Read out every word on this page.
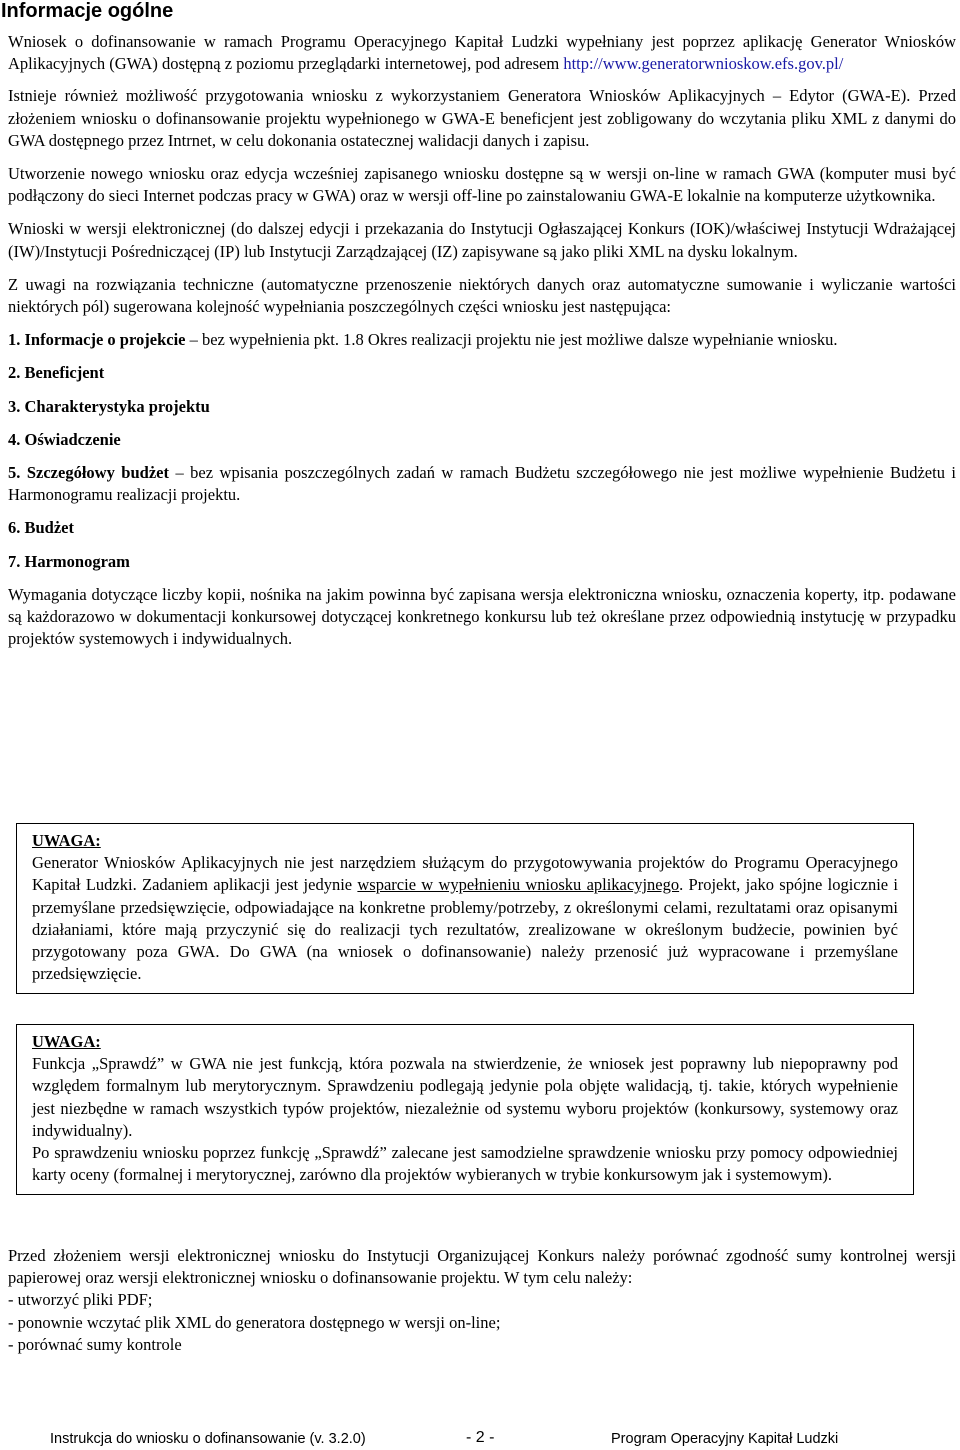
Informacje ogólne

Wniosek o dofinansowanie w ramach Programu Operacyjnego Kapitał Ludzki wypełniany jest poprzez aplikację Generator Wniosków Aplikacyjnych (GWA) dostępną z poziomu przeglądarki internetowej, pod adresem http://www.generatorwnioskow.efs.gov.pl/

Istnieje również możliwość przygotowania wniosku z wykorzystaniem Generatora Wniosków Aplikacyjnych – Edytor (GWA-E). Przed złożeniem wniosku o dofinansowanie projektu wypełnionego w GWA-E beneficjent jest zobligowany do wczytania pliku XML z danymi do GWA dostępnego przez Intrnet, w celu dokonania ostatecznej walidacji danych i zapisu.

Utworzenie nowego wniosku oraz edycja wcześniej zapisanego wniosku dostępne są w wersji on-line w ramach GWA (komputer musi być podłączony do sieci Internet podczas pracy w GWA) oraz w wersji off-line po zainstalowaniu GWA-E lokalnie na komputerze użytkownika.

Wnioski w wersji elektronicznej (do dalszej edycji i przekazania do Instytucji Ogłaszającej Konkurs (IOK)/właściwej Instytucji Wdrażającej (IW)/Instytucji Pośredniczącej (IP) lub Instytucji Zarządzającej (IZ) zapisywane są jako pliki XML na dysku lokalnym.

Z uwagi na rozwiązania techniczne (automatyczne przenoszenie niektórych danych oraz automatyczne sumowanie i wyliczanie wartości niektórych pól) sugerowana kolejność wypełniania poszczególnych części wniosku jest następująca:

1. Informacje o projekcie – bez wypełnienia pkt. 1.8 Okres realizacji projektu nie jest możliwe dalsze wypełnianie wniosku.

2. Beneficjent

3. Charakterystyka projektu

4. Oświadczenie

5. Szczegółowy budżet – bez wpisania poszczególnych zadań w ramach Budżetu szczegółowego nie jest możliwe wypełnienie Budżetu i Harmonogramu realizacji projektu.

6. Budżet

7. Harmonogram

Wymagania dotyczące liczby kopii, nośnika na jakim powinna być zapisana wersja elektroniczna wniosku, oznaczenia koperty, itp. podawane są każdorazowo w dokumentacji konkursowej dotyczącej konkretnego konkursu lub też określane przez odpowiednią instytucję w przypadku projektów systemowych i indywidualnych.

UWAGA:

Generator Wniosków Aplikacyjnych nie jest narzędziem służącym do przygotowywania projektów do Programu Operacyjnego Kapitał Ludzki. Zadaniem aplikacji jest jedynie wsparcie w wypełnieniu wniosku aplikacyjnego. Projekt, jako spójne logicznie i przemyślane przedsięwzięcie, odpowiadające na konkretne problemy/potrzeby, z określonymi celami, rezultatami oraz opisanymi działaniami, które mają przyczynić się do realizacji tych rezultatów, zrealizowane w określonym budżecie, powinien być przygotowany poza GWA. Do GWA (na wniosek o dofinansowanie) należy przenosić już wypracowane i przemyślane przedsięwzięcie.

UWAGA:

Funkcja „Sprawdź” w GWA nie jest funkcją, która pozwala na stwierdzenie, że wniosek jest poprawny lub niepoprawny pod względem formalnym lub merytorycznym. Sprawdzeniu podlegają jedynie pola objęte walidacją, tj. takie, których wypełnienie jest niezbędne w ramach wszystkich typów projektów, niezależnie od systemu wyboru projektów (konkursowy, systemowy oraz indywidualny).

Po sprawdzeniu wniosku poprzez funkcję „Sprawdź” zalecane jest samodzielne sprawdzenie wniosku przy pomocy odpowiedniej karty oceny (formalnej i merytorycznej, zarówno dla projektów wybieranych w trybie konkursowym jak i systemowym).

Przed złożeniem wersji elektronicznej wniosku do Instytucji Organizującej Konkurs należy porównać zgodność sumy kontrolnej wersji papierowej oraz wersji elektronicznej wniosku o dofinansowanie projektu. W tym celu należy:

- utworzyć pliki PDF;
- ponownie wczytać plik XML do generatora dostępnego w wersji on-line;
- porównać sumy kontrole
Instrukcja do wniosku o dofinansowanie (v. 3.2.0)	- 2 -	Program Operacyjny Kapitał Ludzki
